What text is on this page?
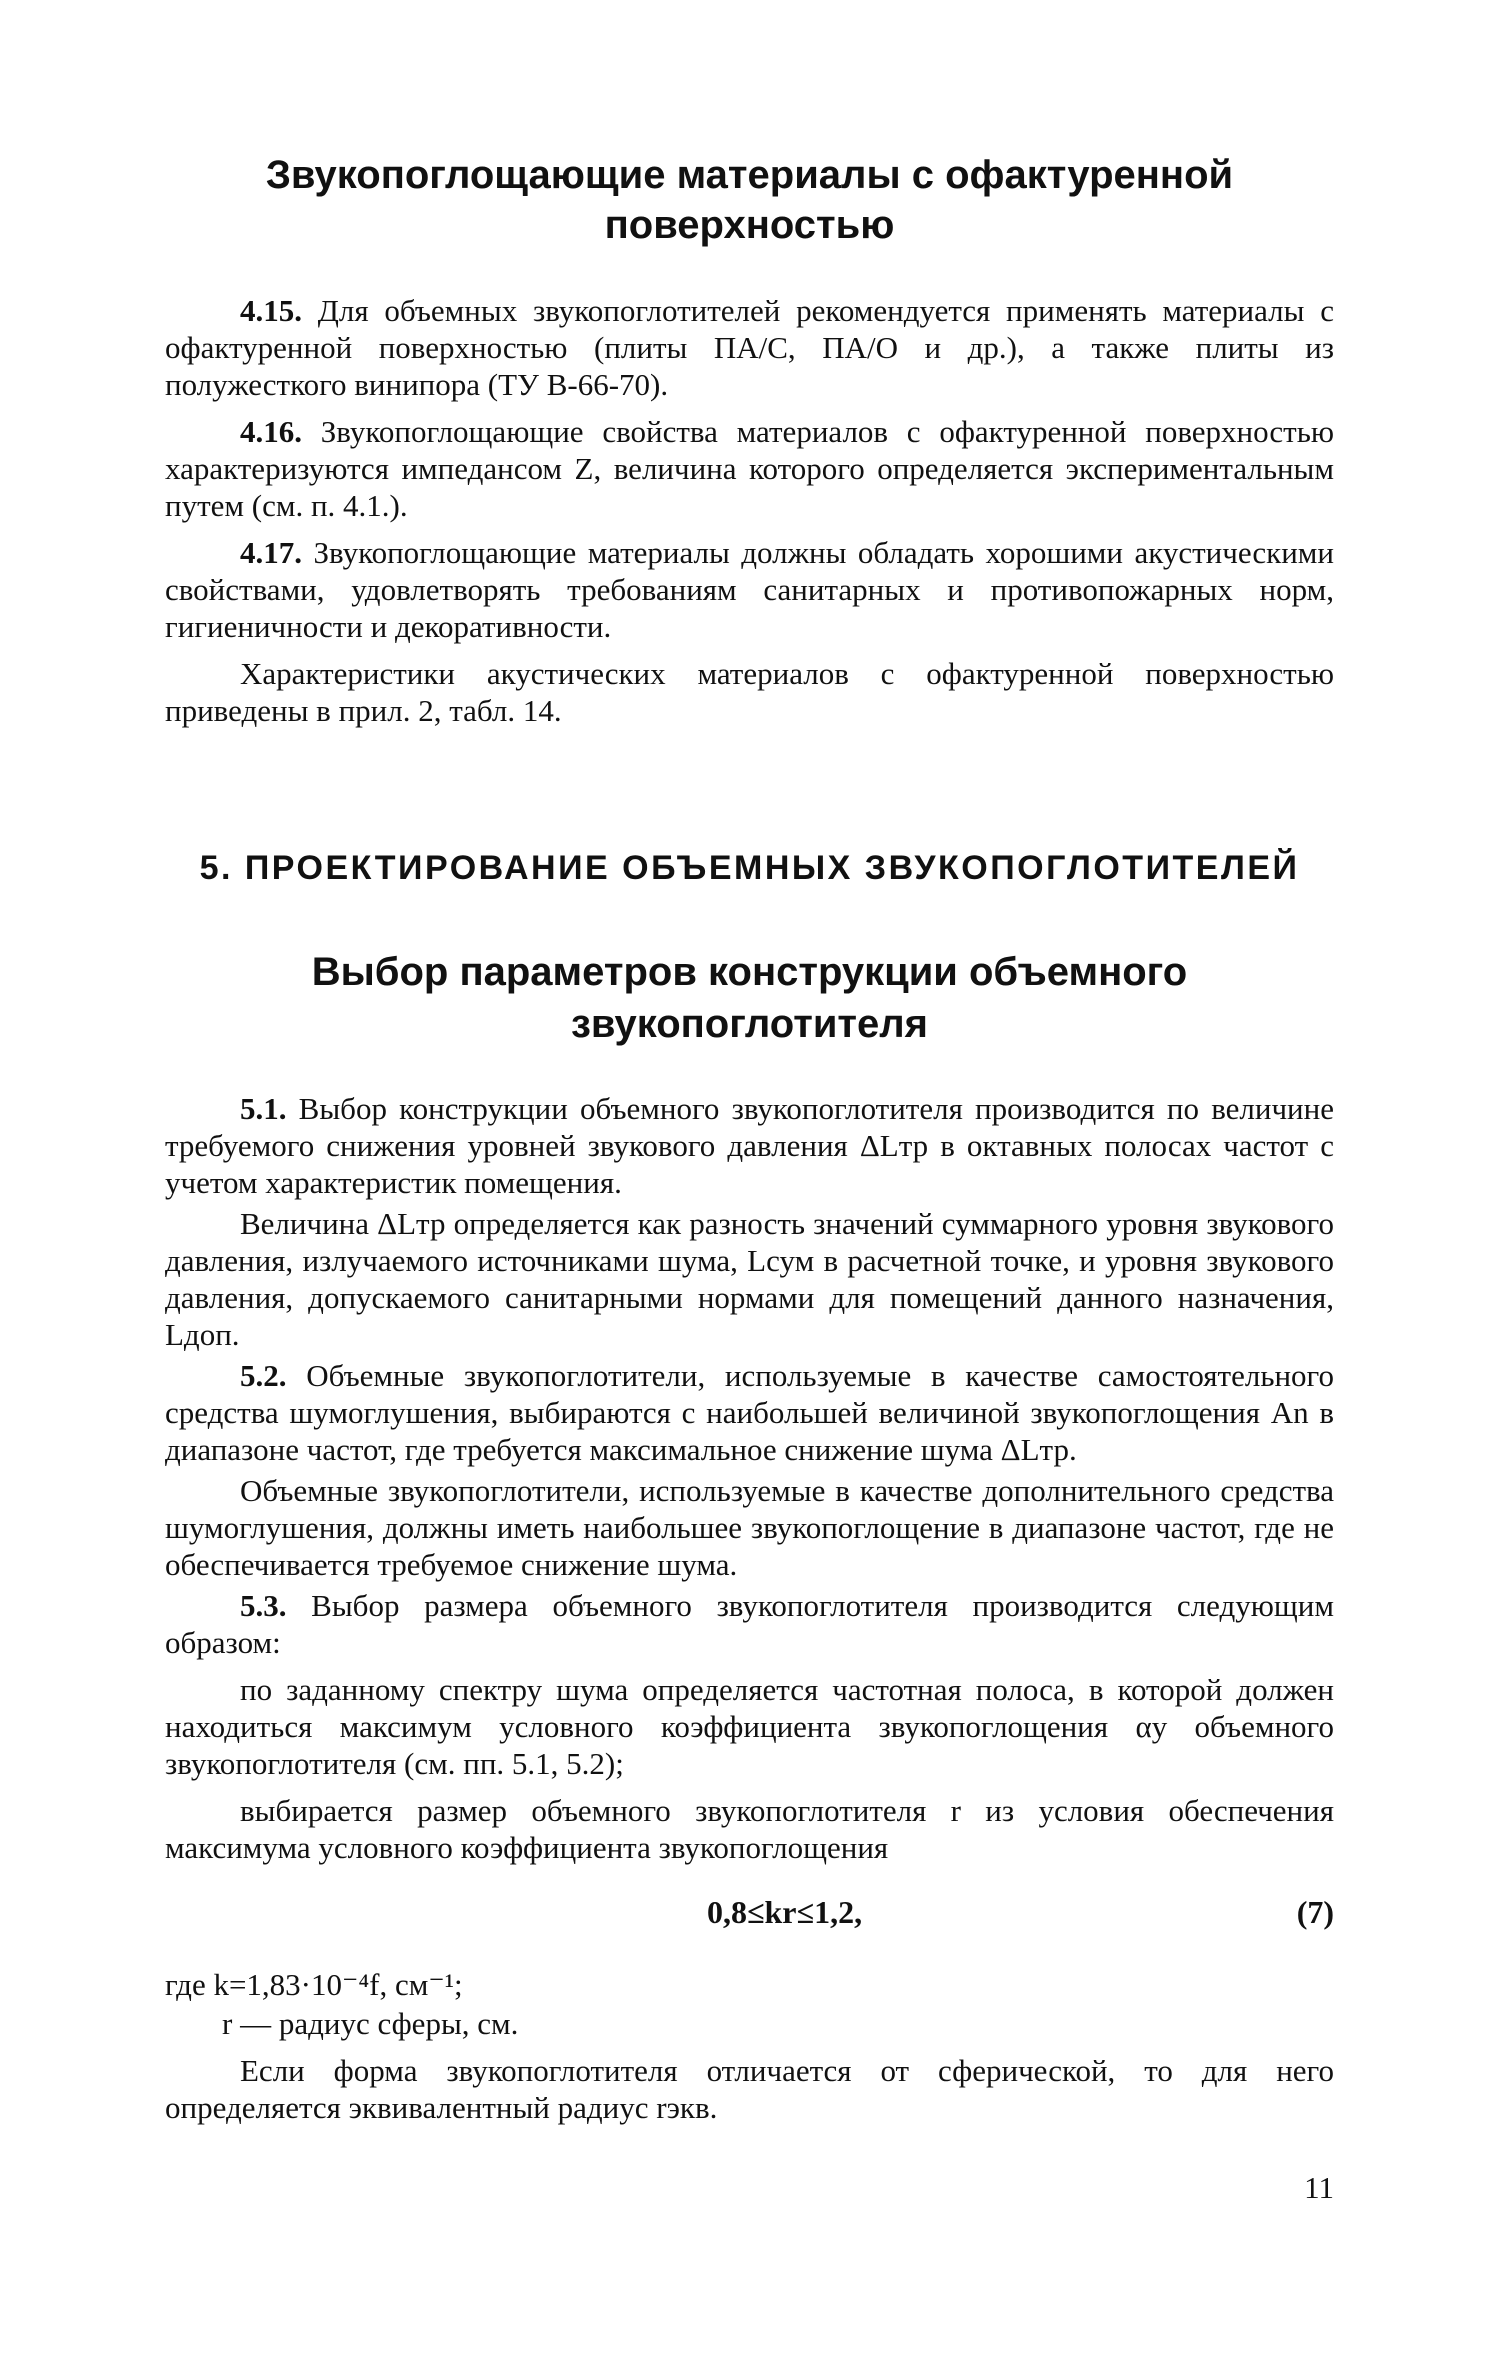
Звукопоглощающие материалы с офактуренной поверхностью

4.15. Для объемных звукопоглотителей рекомендуется применять материалы с офактуренной поверхностью (плиты ПА/С, ПА/О и др.), а также плиты из полужесткого винипора (ТУ В-66-70).

4.16. Звукопоглощающие свойства материалов с офактуренной поверхностью характеризуются импедансом Z, величина которого определяется экспериментальным путем (см. п. 4.1.).

4.17. Звукопоглощающие материалы должны обладать хорошими акустическими свойствами, удовлетворять требованиям санитарных и противопожарных норм, гигиеничности и декоративности.

Характеристики акустических материалов с офактуренной поверхностью приведены в прил. 2, табл. 14.

5. ПРОЕКТИРОВАНИЕ ОБЪЕМНЫХ ЗВУКОПОГЛОТИТЕЛЕЙ
Выбор параметров конструкции объемного звукопоглотителя

5.1. Выбор конструкции объемного звукопоглотителя производится по величине требуемого снижения уровней звукового давления ΔLтр в октавных полосах частот с учетом характеристик помещения.

Величина ΔLтр определяется как разность значений суммарного уровня звукового давления, излучаемого источниками шума, Lсум в расчетной точке, и уровня звукового давления, допускаемого санитарными нормами для помещений данного назначения, Lдоп.

5.2. Объемные звукопоглотители, используемые в качестве самостоятельного средства шумоглушения, выбираются с наибольшей величиной звукопоглощения Аn в диапазоне частот, где требуется максимальное снижение шума ΔLтр.

Объемные звукопоглотители, используемые в качестве дополнительного средства шумоглушения, должны иметь наибольшее звукопоглощение в диапазоне частот, где не обеспечивается требуемое снижение шума.

5.3. Выбор размера объемного звукопоглотителя производится следующим образом:

по заданному спектру шума определяется частотная полоса, в которой должен находиться максимум условного коэффициента звукопоглощения αу объемного звукопоглотителя (см. пп. 5.1, 5.2);

выбирается размер объемного звукопоглотителя r из условия обеспечения максимума условного коэффициента звукопоглощения

0,8≤kr≤1,2,	(7)

где k=1,83·10⁻⁴f, см⁻¹;

r — радиус сферы, см.

Если форма звукопоглотителя отличается от сферической, то для него определяется эквивалентный радиус rэкв.

11
